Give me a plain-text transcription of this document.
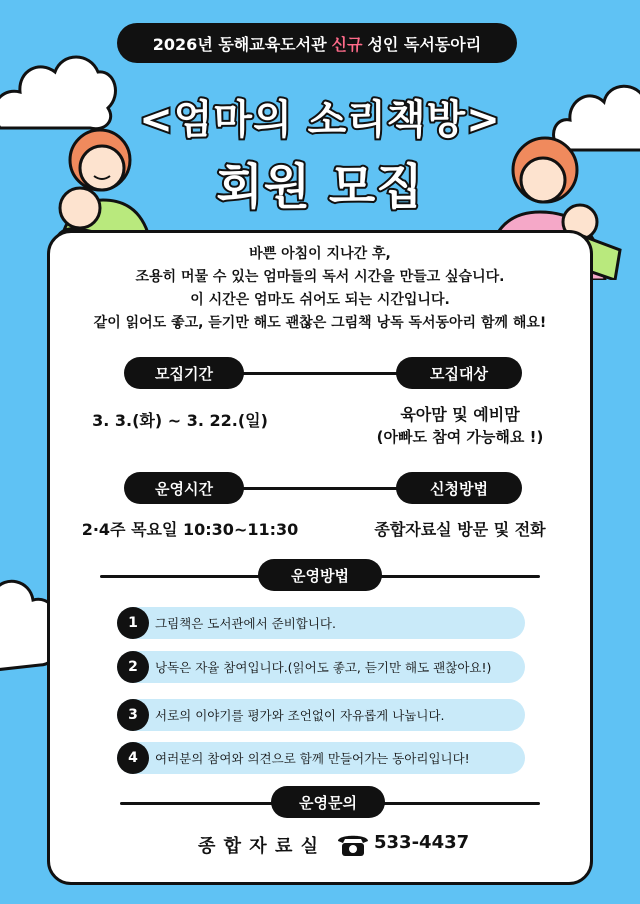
2026년 동해교육도서관 신규 성인 독서동아리
<엄마의 소리책방>
회원 모집
바쁜 아침이 지나간 후,
조용히 머물 수 있는 엄마들의 독서 시간을 만들고 싶습니다.
이 시간은 엄마도 쉬어도 되는 시간입니다.
같이 읽어도 좋고, 듣기만 해도 괜찮은 그림책 낭독 독서동아리 함께 해요!
모집기간	모집대상
3. 3.(화) ~ 3. 22.(일)	육아맘 및 예비맘
(아빠도 참여 가능해요 !)
운영시간	신청방법
2·4주 목요일 10:30~11:30	종합자료실 방문 및 전화
운영방법
그림책은 도서관에서 준비합니다.
1
낭독은 자율 참여입니다.(읽어도 좋고, 듣기만 해도 괜찮아요!)
2
서로의 이야기를 평가와 조언없이 자유롭게 나눕니다.
3
여러분의 참여와 의견으로 함께 만들어가는 동아리입니다!
4
운영문의
종 합 자 료 실	533-4437
